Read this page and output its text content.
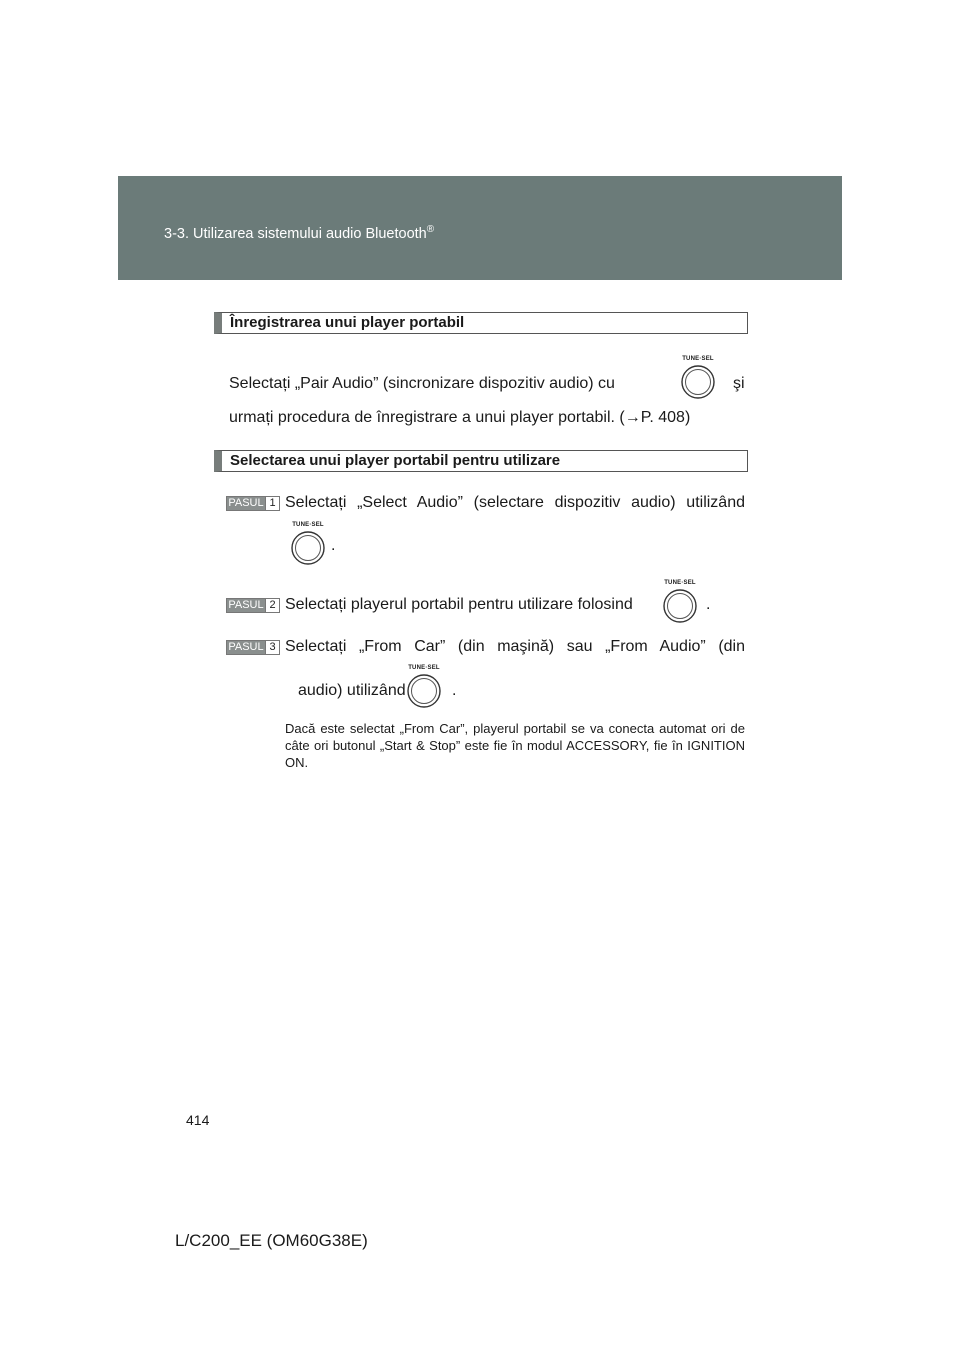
3-3. Utilizarea sistemului audio Bluetooth®
Înregistrarea unui player portabil
Selectați „Pair Audio” (sincronizare dispozitiv audio) cu
TUNE·SEL
şi
urmați procedura de înregistrare a unui player portabil. (→P. 408)
Selectarea unui player portabil pentru utilizare
PASUL 1 Selectați „Select Audio” (selectare dispozitiv audio) utilizând
TUNE·SEL
.
PASUL 2 Selectați playerul portabil pentru utilizare folosind
TUNE·SEL
.
PASUL 3 Selectați „From Car” (din maşină) sau „From Audio” (din
audio) utilizând
TUNE·SEL
.
Dacă este selectat „From Car”, playerul portabil se va conecta automat ori de câte ori butonul „Start & Stop” este fie în modul ACCESSORY, fie în IGNITION ON.
414
L/C200_EE (OM60G38E)
